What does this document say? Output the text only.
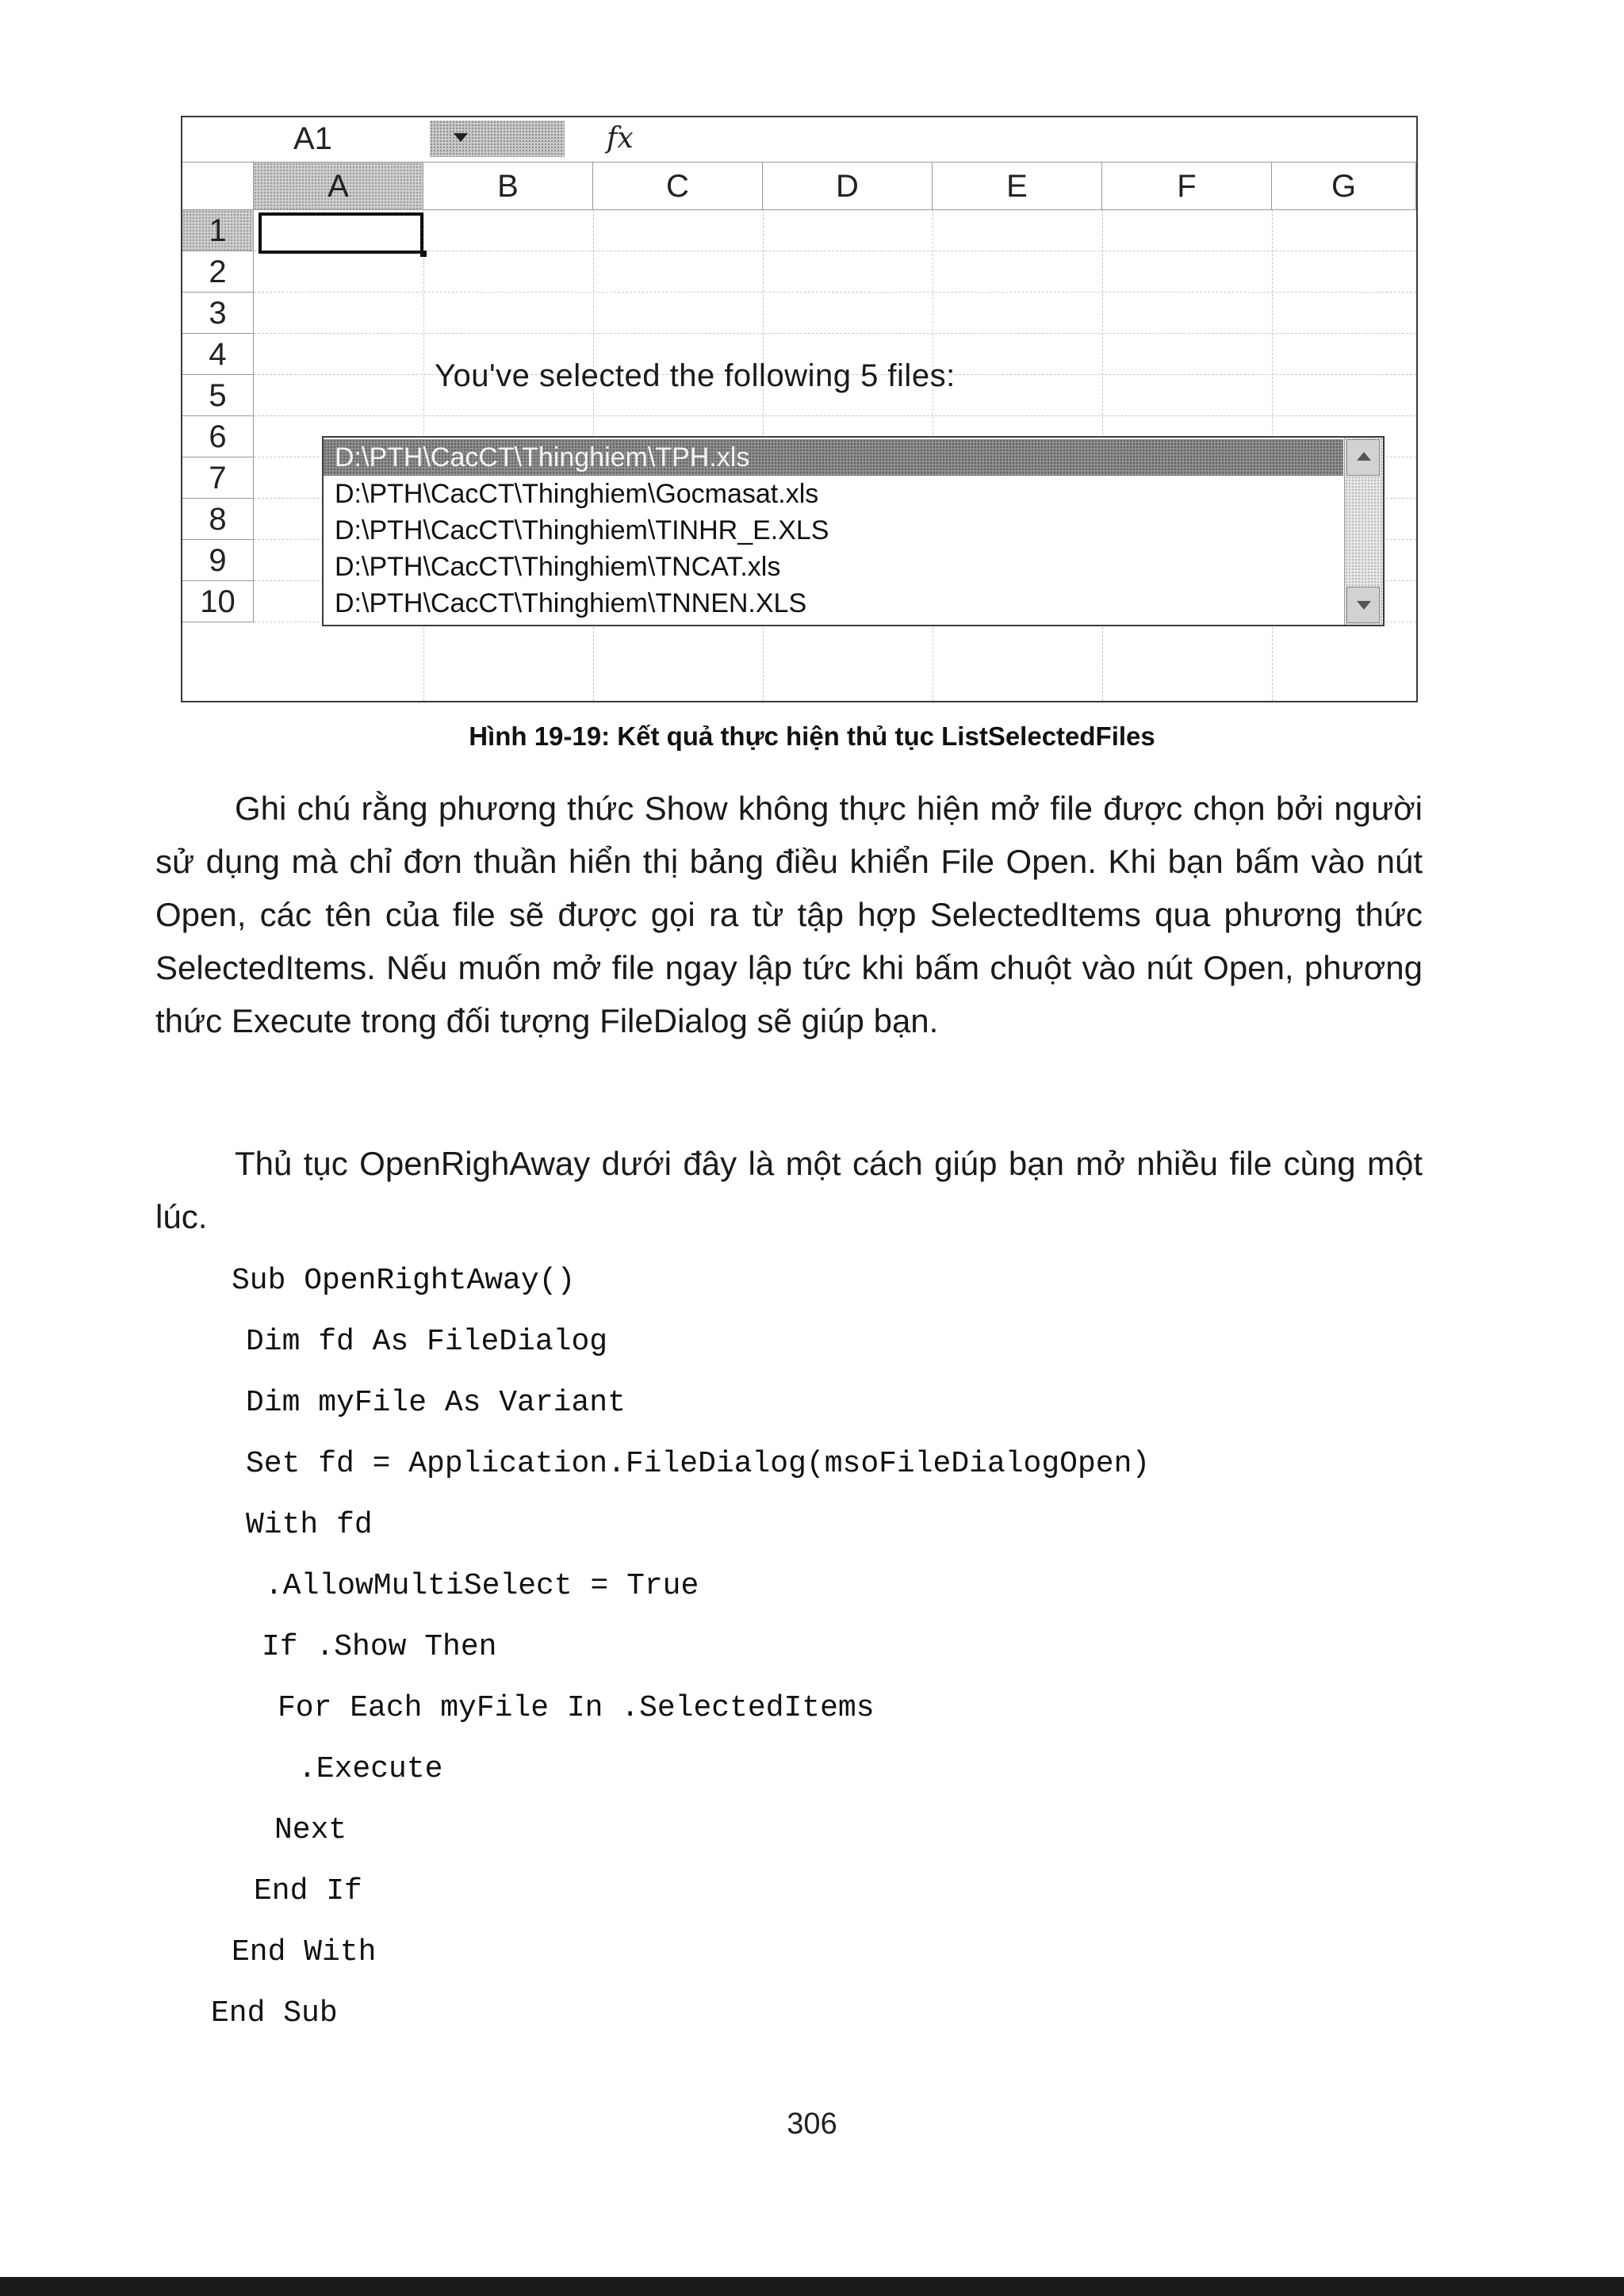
A1	fx
A	B	C	D	E	F	G
1
2
3
4
5
6
7
8
9
10
You've selected the following 5 files:
D:\PTH\CacCT\Thinghiem\TPH.xls
D:\PTH\CacCT\Thinghiem\Gocmasat.xls
D:\PTH\CacCT\Thinghiem\TINHR_E.XLS
D:\PTH\CacCT\Thinghiem\TNCAT.xls
D:\PTH\CacCT\Thinghiem\TNNEN.XLS

Hình 19-19: Kết quả thực hiện thủ tục ListSelectedFiles

Ghi chú rằng phương thức Show không thực hiện mở file được chọn bởi người sử dụng mà chỉ đơn thuần hiển thị bảng điều khiển File Open. Khi bạn bấm vào nút Open, các tên của file sẽ được gọi ra từ tập hợp SelectedItems qua phương thức SelectedItems. Nếu muốn mở file ngay lập tức khi bấm chuột vào nút Open, phương thức Execute trong đối tượng FileDialog sẽ giúp bạn.

Thủ tục OpenRighAway dưới đây là một cách giúp bạn mở nhiều file cùng một lúc.

Sub OpenRightAway()
Dim fd As FileDialog
Dim myFile As Variant
Set fd = Application.FileDialog(msoFileDialogOpen)
With fd
.AllowMultiSelect = True
If .Show Then
For Each myFile In .SelectedItems
.Execute
Next
End If
End With
End Sub

306
